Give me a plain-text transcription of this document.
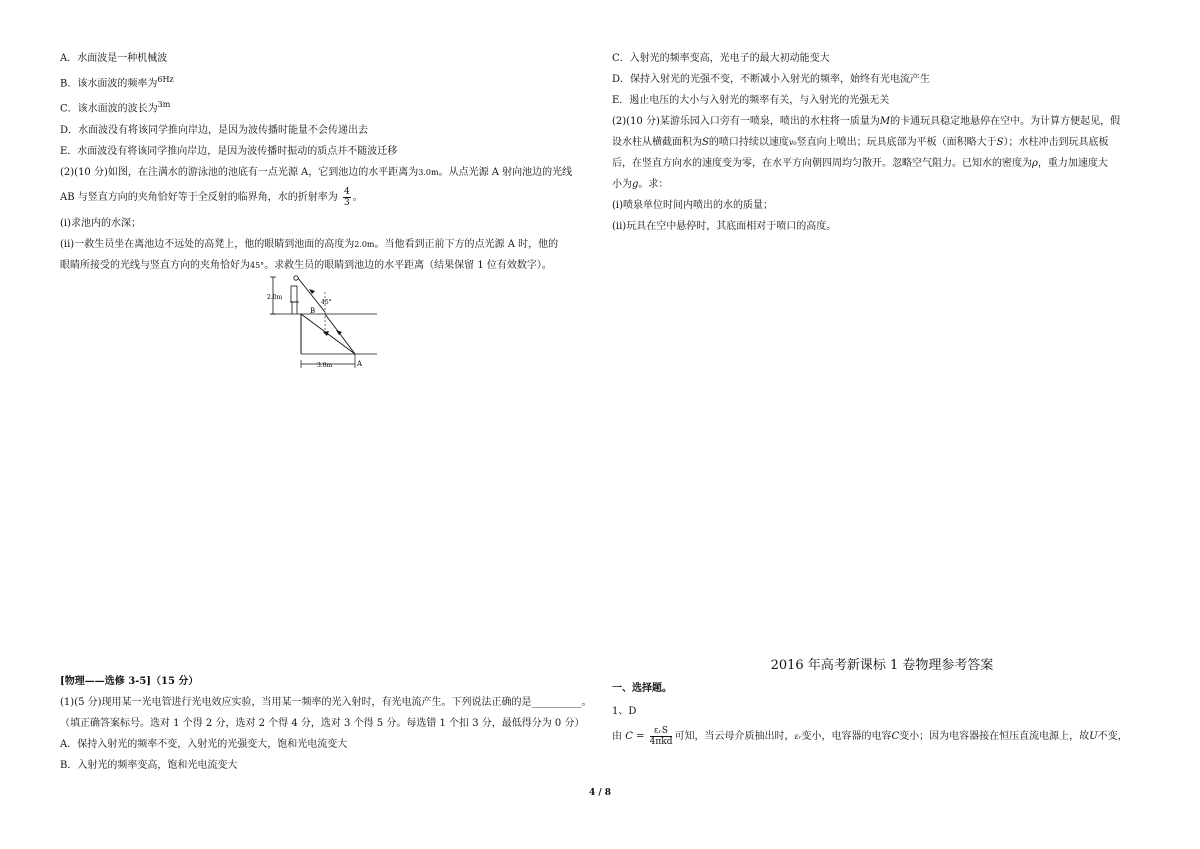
A．水面波是一种机械波

B．该水面波的频率为$^{6Hz}$

C．该水面波的波长为$^{3m}$

D．水面波没有将该同学推向岸边，是因为波传播时能量不会传递出去

E．水面波没有将该同学推向岸边，是因为波传播时振动的质点并不随波迁移

(2)(10 分)如图，在注满水的游泳池的池底有一点光源 A，它到池边的水平距离为3.0m。从点光源 A 射向池边的光线

AB 与竖直方向的夹角恰好等于全反射的临界角，水的折射率为 $\frac{4}{3}$ 。

(i)求池内的水深；

(ii)一救生员坐在离池边不远处的高凳上，他的眼睛到池面的高度为2.0m。当他看到正前下方的点光源 A 时，他的

眼睛所接受的光线与竖直方向的夹角恰好为45°。求救生员的眼睛到池边的水平距离（结果保留 1 位有效数字）。

2.0m
45°
B
A
3.0m

[物理——选修 3-5]（15 分）

(1)(5 分)现用某一光电管进行光电效应实验，当用某一频率的光入射时，有光电流产生。下列说法正确的是__________。

（填正确答案标号。选对 1 个得 2 分，选对 2 个得 4 分，选对 3 个得 5 分。每选错 1 个扣 3 分，最低得分为 0 分）

A．保持入射光的频率不变，入射光的光强变大，饱和光电流变大

B．入射光的频率变高，饱和光电流变大

C．入射光的频率变高，光电子的最大初动能变大

D．保持入射光的光强不变，不断减小入射光的频率，始终有光电流产生

E．遏止电压的大小与入射光的频率有关，与入射光的光强无关

(2)(10 分)某游乐园入口旁有一喷泉，喷出的水柱将一质量为M的卡通玩具稳定地悬停在空中。为计算方便起见，假

设水柱从横截面积为S的喷口持续以速度v₀竖直向上喷出；玩具底部为平板（面积略大于S）；水柱冲击到玩具底板

后，在竖直方向水的速度变为零，在水平方向朝四周均匀散开。忽略空气阻力。已知水的密度为ρ，重力加速度大

小为g。求：

(i)喷泉单位时间内喷出的水的质量；

(ii)玩具在空中悬停时，其底面相对于喷口的高度。

2016 年高考新课标 1 卷物理参考答案

一、选择题。

1、D

由 $C = \frac{\text{εᵣS}}{\text{4πkd}}$ 可知，当云母介质抽出时，εᵣ变小，电容器的电容C变小；因为电容器接在恒压直流电源上，故U不变，

4 / 8
